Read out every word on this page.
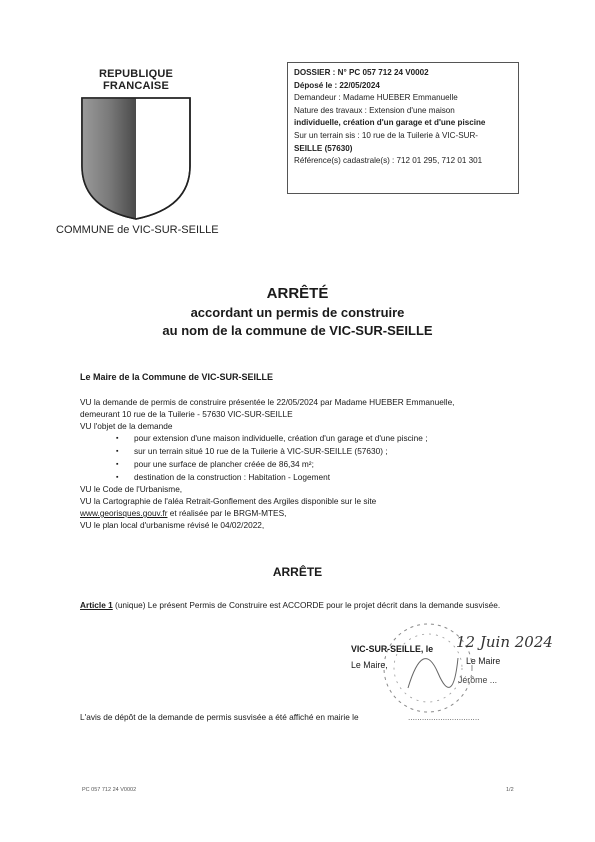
REPUBLIQUE FRANCAISE
COMMUNE de VIC-SUR-SEILLE
DOSSIER : N° PC 057 712 24 V0002
Déposé le : 22/05/2024
Demandeur : Madame HUEBER Emmanuelle
Nature des travaux : Extension d'une maison
individuelle, création d'un garage et d'une piscine
Sur un terrain sis : 10 rue de la Tuilerie à VIC-SUR-
SEILLE (57630)
Référence(s) cadastrale(s) : 712 01 295, 712 01 301
ARRÊTÉ
accordant un permis de construire
au nom de la commune de VIC-SUR-SEILLE
Le Maire de la Commune de VIC-SUR-SEILLE
VU la demande de permis de construire présentée le 22/05/2024 par Madame HUEBER Emmanuelle,
demeurant 10 rue de la Tuilerie - 57630 VIC-SUR-SEILLE
VU l'objet de la demande
▪ pour extension d'une maison individuelle, création d'un garage et d'une piscine ;
▪ sur un terrain situé 10 rue de la Tuilerie à VIC-SUR-SEILLE (57630) ;
▪ pour une surface de plancher créée de 86,34 m²;
▪ destination de la construction : Habitation - Logement
VU le Code de l'Urbanisme,
VU la Cartographie de l'aléa Retrait-Gonflement des Argiles disponible sur le site
www.georisques.gouv.fr et réalisée par le BRGM-MTES,
VU le plan local d'urbanisme révisé le 04/02/2022,
ARRÊTE
Article 1 (unique) Le présent Permis de Construire est ACCORDE pour le projet décrit dans la demande susvisée.
VIC-SUR-SEILLE, le
Le Maire,
12 Juin 2024
Le Maire
Jérôme ...
L'avis de dépôt de la demande de permis susvisée a été affiché en mairie le	...............................
PC 057 712 24 V0002	1/2
